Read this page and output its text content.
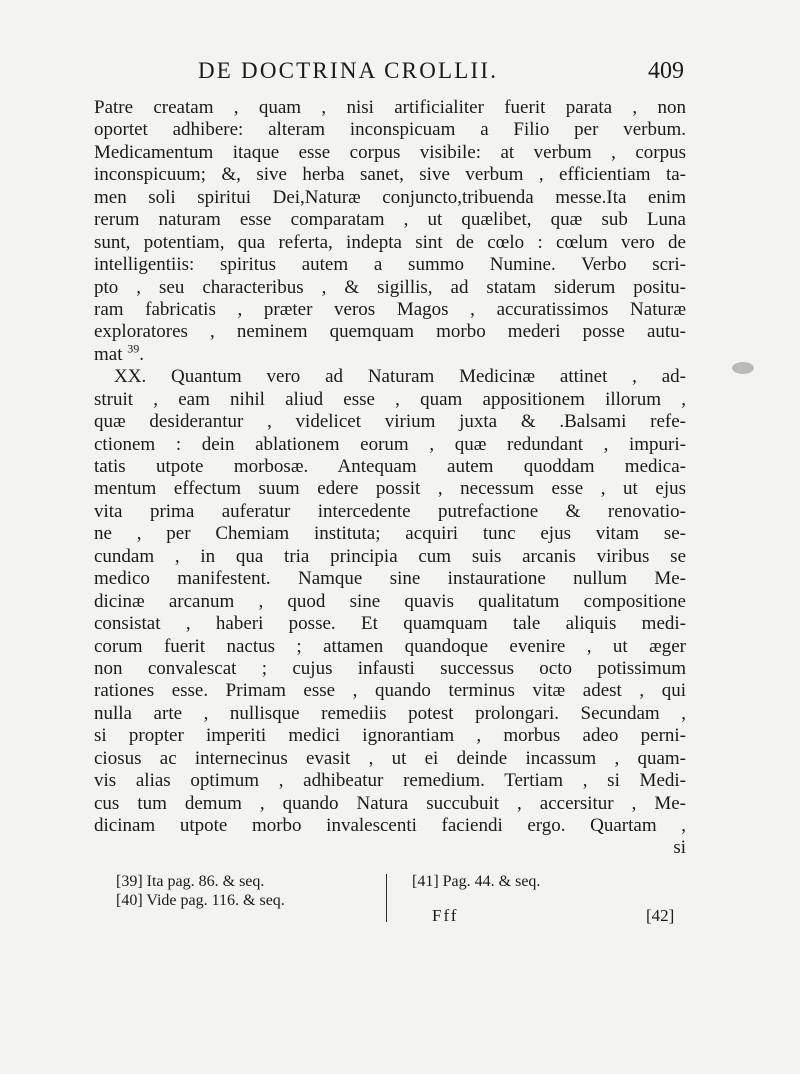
DE DOCTRINA CROLLII.	409
Patre creatam , quam , nisi artificialiter fuerit parata , non
oportet adhibere: alteram inconspicuam a Filio per verbum.
Medicamentum itaque esse corpus visibile: at verbum , corpus
inconspicuum; &, sive herba sanet, sive verbum , efficientiam ta-
men soli spiritui Dei,Naturæ conjuncto,tribuenda messe.Ita enim
rerum naturam esse comparatam , ut quælibet, quæ sub Luna
sunt, potentiam, qua referta, indepta sint de cœlo : cœlum vero de
intelligentiis: spiritus autem a summo Numine. Verbo scri-
pto , seu characteribus , & sigillis, ad statam siderum positu-
ram fabricatis , præter veros Magos , accuratissimos Naturæ
exploratores , neminem quemquam morbo mederi posse autu-
mat $^{39}$.
XX. Quantum vero ad Naturam Medicinæ attinet , ad-
struit , eam nihil aliud esse , quam appositionem illorum ,
quæ desiderantur , videlicet virium juxta & .Balsami refe-
ctionem : dein ablationem eorum , quæ redundant , impuri-
tatis utpote morbosæ. Antequam autem quoddam medica-
mentum effectum suum edere possit , necessum esse , ut ejus
vita prima auferatur intercedente putrefactione & renovatio-
ne , per Chemiam instituta; acquiri tunc ejus vitam se-
cundam , in qua tria principia cum suis arcanis viribus se
medico manifestent. Namque sine instauratione nullum Me-
dicinæ arcanum , quod sine quavis qualitatum compositione
consistat , haberi posse. Et quamquam tale aliquis medi-
corum fuerit nactus ; attamen quandoque evenire , ut æger
non convalescat ; cujus infausti successus octo potissimum
rationes esse. Primam esse , quando terminus vitæ adest , qui
nulla arte , nullisque remediis potest prolongari. Secundam ,
si propter imperiti medici ignorantiam , morbus adeo perni-
ciosus ac internecinus evasit , ut ei deinde incassum , quam-
vis alias optimum , adhibeatur remedium. Tertiam , si Medi-
cus tum demum , quando Natura succubuit , accersitur , Me-
dicinam utpote morbo invalescenti faciendi ergo. Quartam ,
si
[39] Ita pag. 86. & seq.
[40] Vide pag. 116. & seq.
[41] Pag. 44. & seq.
Fff	[42]
